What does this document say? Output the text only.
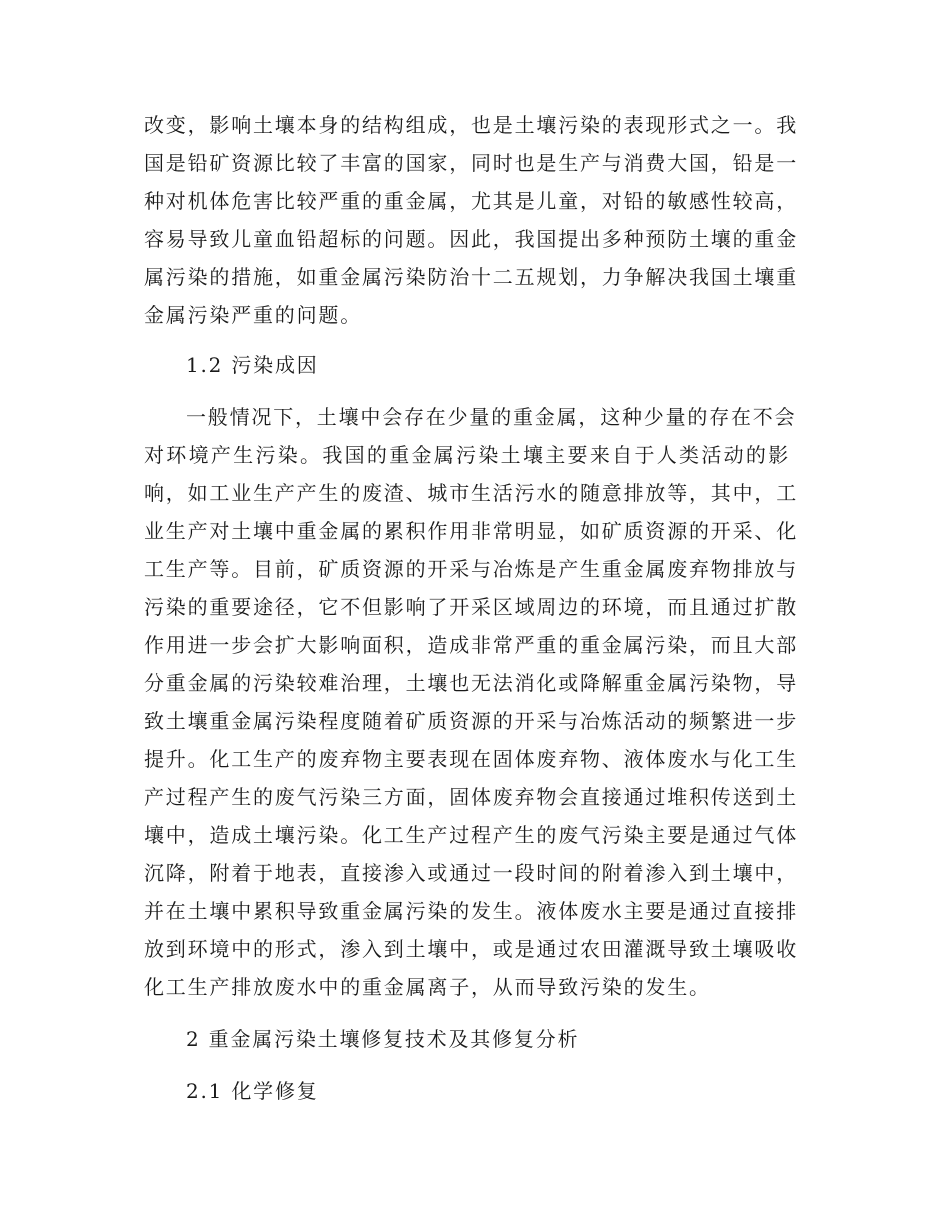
改变，影响土壤本身的结构组成，也是土壤污染的表现形式之一。我
国是铅矿资源比较了丰富的国家，同时也是生产与消费大国，铅是一
种对机体危害比较严重的重金属，尤其是儿童，对铅的敏感性较高，
容易导致儿童血铅超标的问题。因此，我国提出多种预防土壤的重金
属污染的措施，如重金属污染防治十二五规划，力争解决我国土壤重
金属污染严重的问题。
1.2 污染成因
一般情况下，土壤中会存在少量的重金属，这种少量的存在不会
对环境产生污染。我国的重金属污染土壤主要来自于人类活动的影
响，如工业生产产生的废渣、城市生活污水的随意排放等，其中，工
业生产对土壤中重金属的累积作用非常明显，如矿质资源的开采、化
工生产等。目前，矿质资源的开采与冶炼是产生重金属废弃物排放与
污染的重要途径，它不但影响了开采区域周边的环境，而且通过扩散
作用进一步会扩大影响面积，造成非常严重的重金属污染，而且大部
分重金属的污染较难治理，土壤也无法消化或降解重金属污染物，导
致土壤重金属污染程度随着矿质资源的开采与冶炼活动的频繁进一步
提升。化工生产的废弃物主要表现在固体废弃物、液体废水与化工生
产过程产生的废气污染三方面，固体废弃物会直接通过堆积传送到土
壤中，造成土壤污染。化工生产过程产生的废气污染主要是通过气体
沉降，附着于地表，直接渗入或通过一段时间的附着渗入到土壤中，
并在土壤中累积导致重金属污染的发生。液体废水主要是通过直接排
放到环境中的形式，渗入到土壤中，或是通过农田灌溉导致土壤吸收
化工生产排放废水中的重金属离子，从而导致污染的发生。
2 重金属污染土壤修复技术及其修复分析
2.1 化学修复
